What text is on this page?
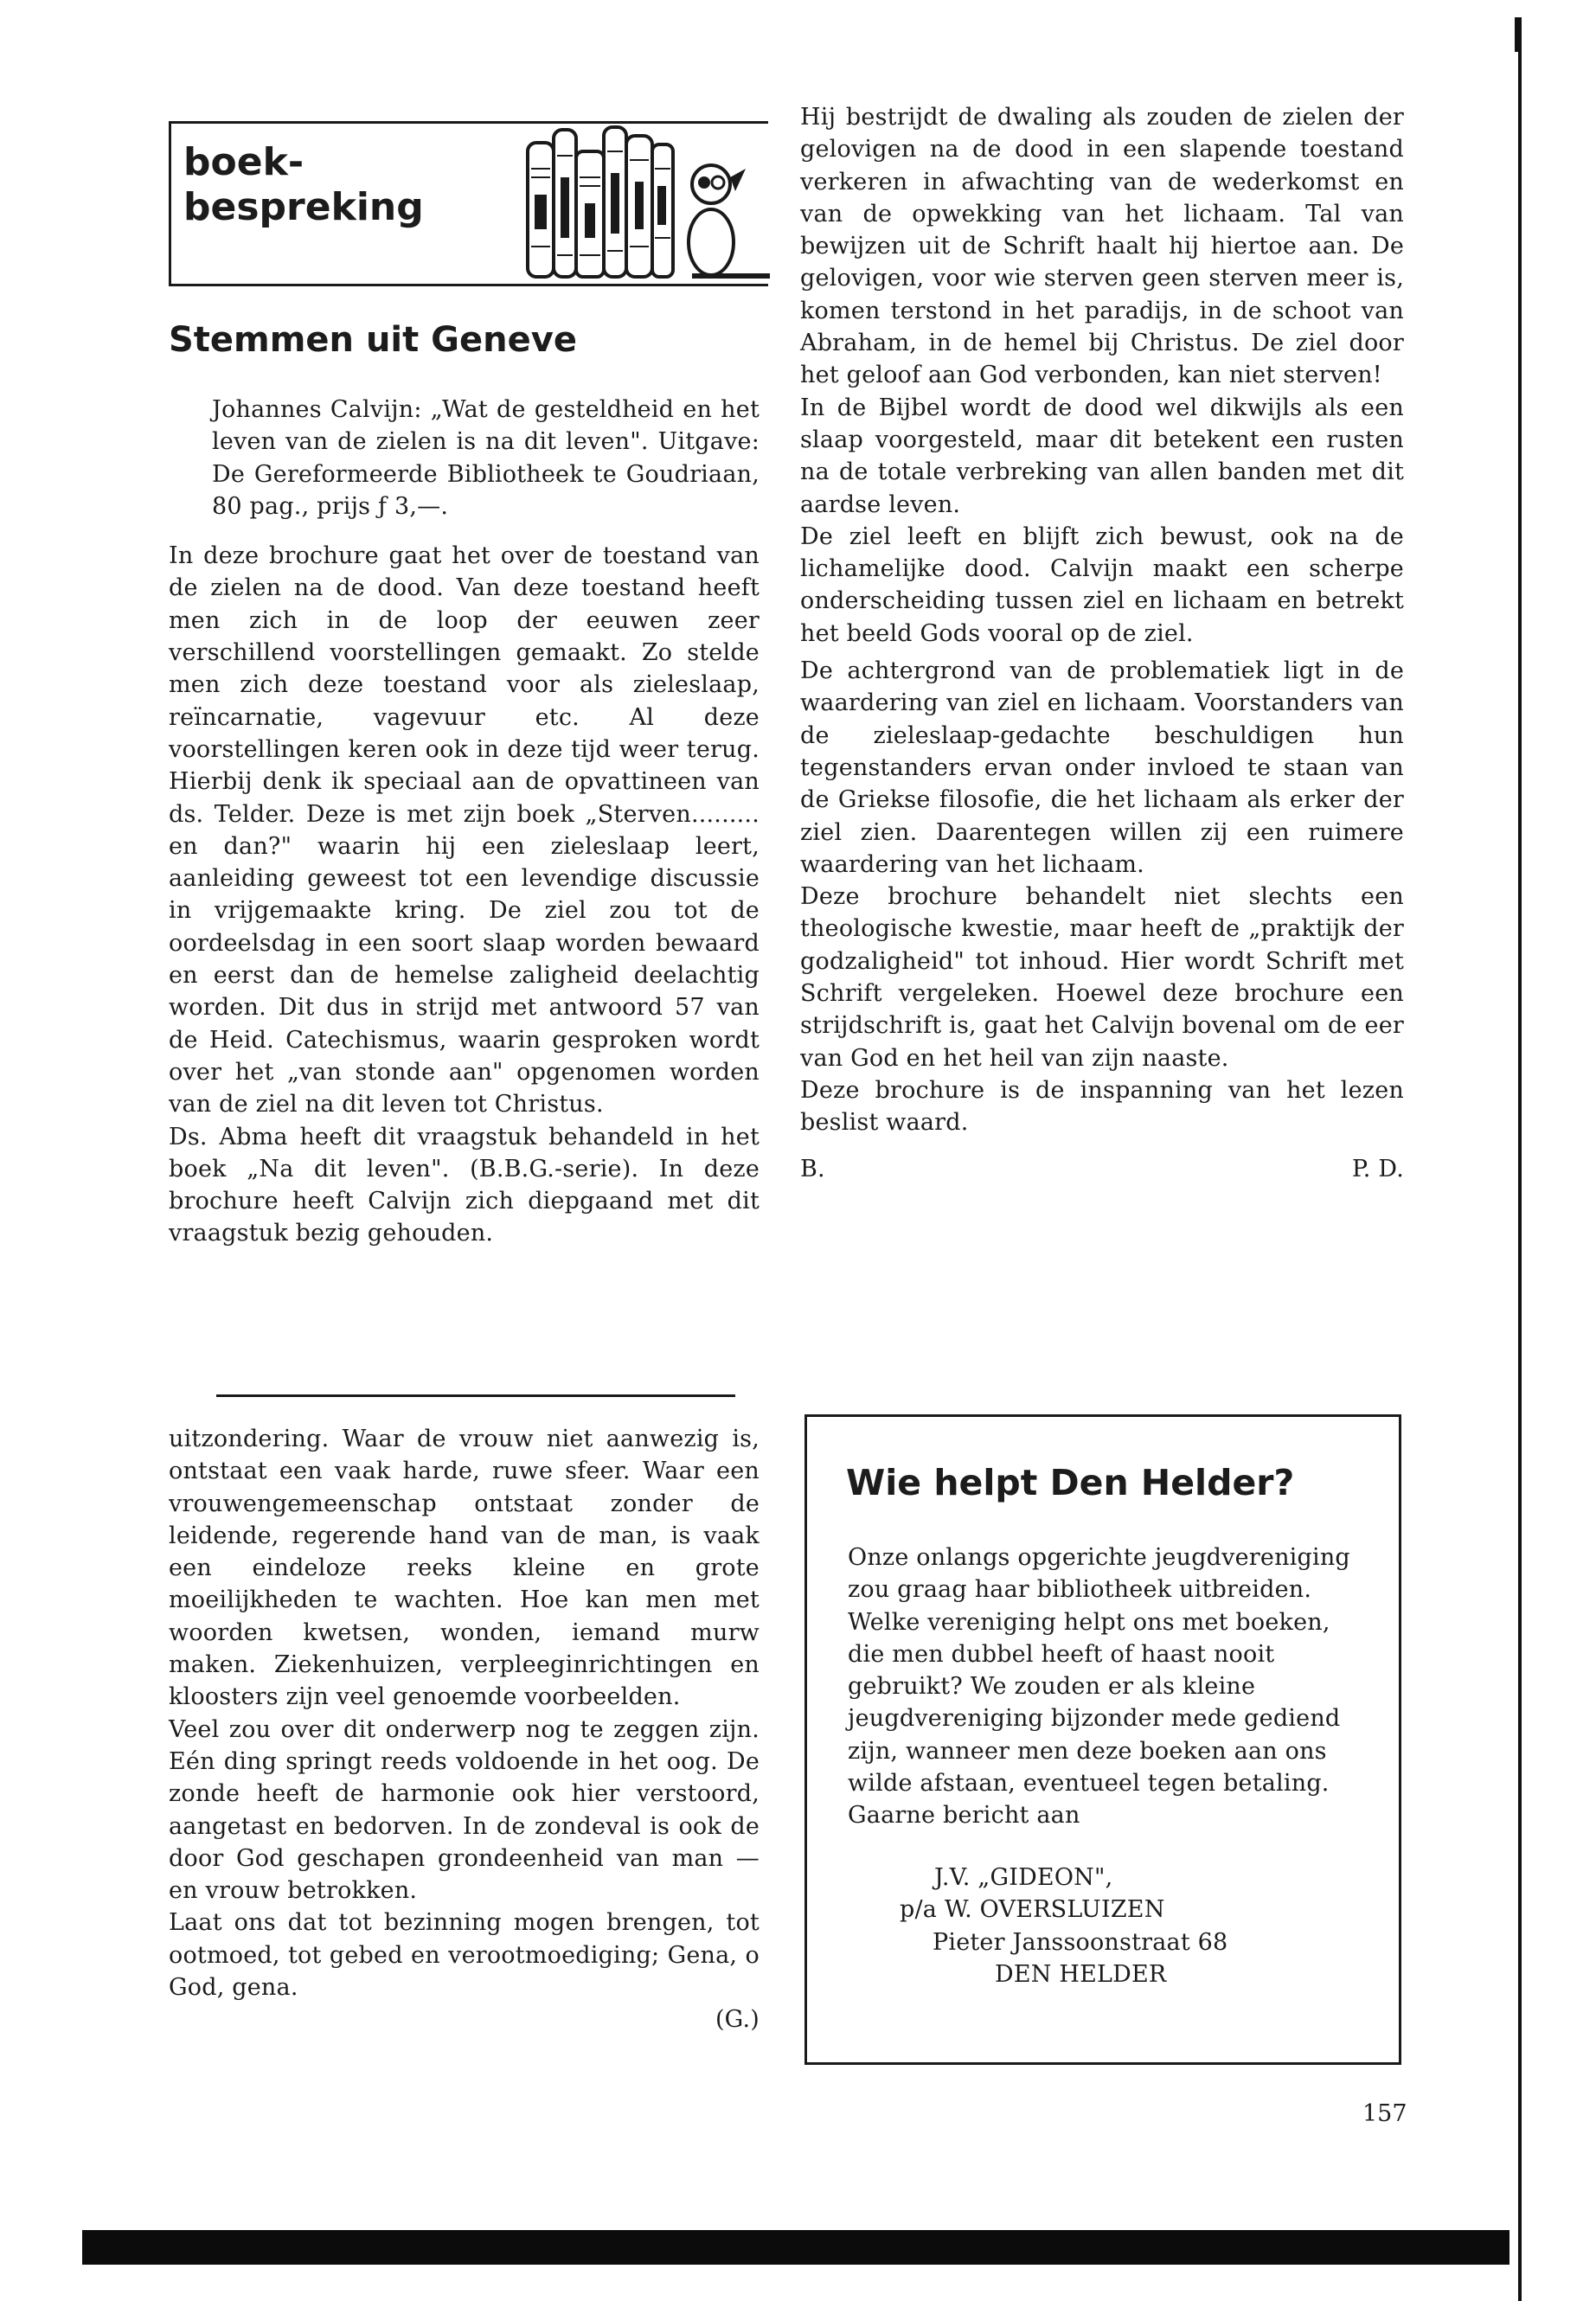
boek-
bespreking
Stemmen uit Geneve

Johannes Calvijn: „Wat de gesteldheid en het leven van de zielen is na dit leven". Uitgave: De Gereformeerde Bibliotheek te Goudriaan, 80 pag., prijs ƒ 3,—.

In deze brochure gaat het over de toestand van de zielen na de dood. Van deze toestand heeft men zich in de loop der eeuwen zeer verschillend voorstellingen gemaakt. Zo stelde men zich deze toestand voor als zieleslaap, reïncarnatie, vagevuur etc. Al deze voorstellingen keren ook in deze tijd weer terug. Hierbij denk ik speciaal aan de opvattineen van ds. Telder. Deze is met zijn boek „Sterven......... en dan?" waarin hij een zieleslaap leert, aanleiding geweest tot een levendige discussie in vrijgemaakte kring. De ziel zou tot de oordeelsdag in een soort slaap worden bewaard en eerst dan de hemelse zaligheid deelachtig worden. Dit dus in strijd met antwoord 57 van de Heid. Catechismus, waarin gesproken wordt over het „van stonde aan" opgenomen worden van de ziel na dit leven tot Christus.

Ds. Abma heeft dit vraagstuk behandeld in het boek „Na dit leven". (B.B.G.-serie). In deze brochure heeft Calvijn zich diepgaand met dit vraagstuk bezig gehouden.

Hij bestrijdt de dwaling als zouden de zielen der gelovigen na de dood in een slapende toestand verkeren in afwachting van de wederkomst en van de opwekking van het lichaam. Tal van bewijzen uit de Schrift haalt hij hiertoe aan. De gelovigen, voor wie sterven geen sterven meer is, komen terstond in het paradijs, in de schoot van Abraham, in de hemel bij Christus. De ziel door het geloof aan God verbonden, kan niet sterven!

In de Bijbel wordt de dood wel dikwijls als een slaap voorgesteld, maar dit betekent een rusten na de totale verbreking van allen banden met dit aardse leven.

De ziel leeft en blijft zich bewust, ook na de lichamelijke dood. Calvijn maakt een scherpe onderscheiding tussen ziel en lichaam en betrekt het beeld Gods vooral op de ziel.

De achtergrond van de problematiek ligt in de waardering van ziel en lichaam. Voorstanders van de zieleslaap-gedachte beschuldigen hun tegenstanders ervan onder invloed te staan van de Griekse filosofie, die het lichaam als erker der ziel zien. Daarentegen willen zij een ruimere waardering van het lichaam.

Deze brochure behandelt niet slechts een theologische kwestie, maar heeft de „praktijk der godzaligheid" tot inhoud. Hier wordt Schrift met Schrift vergeleken. Hoewel deze brochure een strijdschrift is, gaat het Calvijn bovenal om de eer van God en het heil van zijn naaste.

Deze brochure is de inspanning van het lezen beslist waard.

B.	P. D.

uitzondering. Waar de vrouw niet aanwezig is, ontstaat een vaak harde, ruwe sfeer. Waar een vrouwengemeenschap ontstaat zonder de leidende, regerende hand van de man, is vaak een eindeloze reeks kleine en grote moeilijkheden te wachten. Hoe kan men met woorden kwetsen, wonden, iemand murw maken. Ziekenhuizen, verpleeginrichtingen en kloosters zijn veel genoemde voorbeelden.

Veel zou over dit onderwerp nog te zeggen zijn. Eén ding springt reeds voldoende in het oog. De zonde heeft de harmonie ook hier verstoord, aangetast en bedorven. In de zondeval is ook de door God geschapen grondeenheid van man — en vrouw betrokken.

Laat ons dat tot bezinning mogen brengen, tot ootmoed, tot gebed en verootmoediging; Gena, o God, gena.

(G.)
Wie helpt Den Helder?

Onze onlangs opgerichte jeugdvereniging zou graag haar bibliotheek uitbreiden. Welke vereniging helpt ons met boeken, die men dubbel heeft of haast nooit gebruikt? We zouden er als kleine jeugdvereniging bijzonder mede gediend zijn, wanneer men deze boeken aan ons wilde afstaan, eventueel tegen betaling.

Gaarne bericht aan

J.V. „GIDEON",
p/a W. OVERSLUIZEN
Pieter Janssoonstraat 68
DEN HELDER
157
